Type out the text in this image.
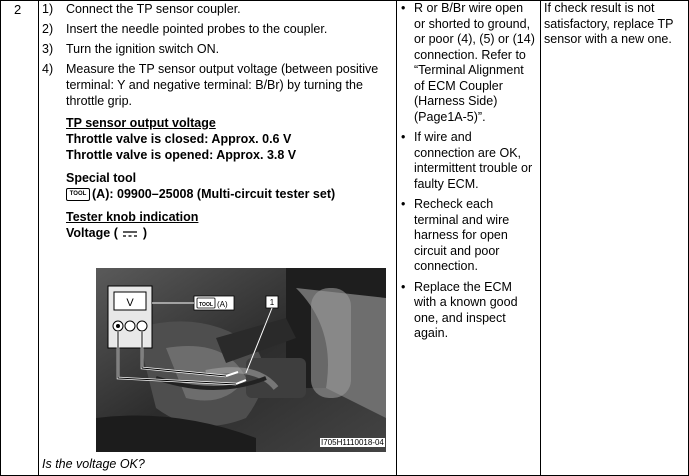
2 1) Connect the TP sensor coupler.
2) Insert the needle pointed probes to the coupler.
3) Turn the ignition switch ON.
4) Measure the TP sensor output voltage (between positive
terminal: Y and negative terminal: B/Br) by turning the
throttle grip.
TP sensor output voltage
Throttle valve is closed: Approx. 0.6 V
Throttle valve is opened: Approx. 3.8 V
Special tool
TOOL (A): 09900–25008 (Multi-circuit tester set)
Tester knob indication
Voltage ( )
V	TOOL (A)	1
I705H1110018-04
Is the voltage OK?
• R or B/Br wire open
or shorted to ground,
or poor (4), (5) or (14)
connection. Refer to
“Terminal Alignment
of ECM Coupler
(Harness Side)
(Page1A-5)”.
• If wire and
connection are OK,
intermittent trouble or
faulty ECM.
• Recheck each
terminal and wire
harness for open
circuit and poor
connection.
• Replace the ECM
with a known good
one, and inspect
again.
If check result is not
satisfactory, replace TP
sensor with a new one.
